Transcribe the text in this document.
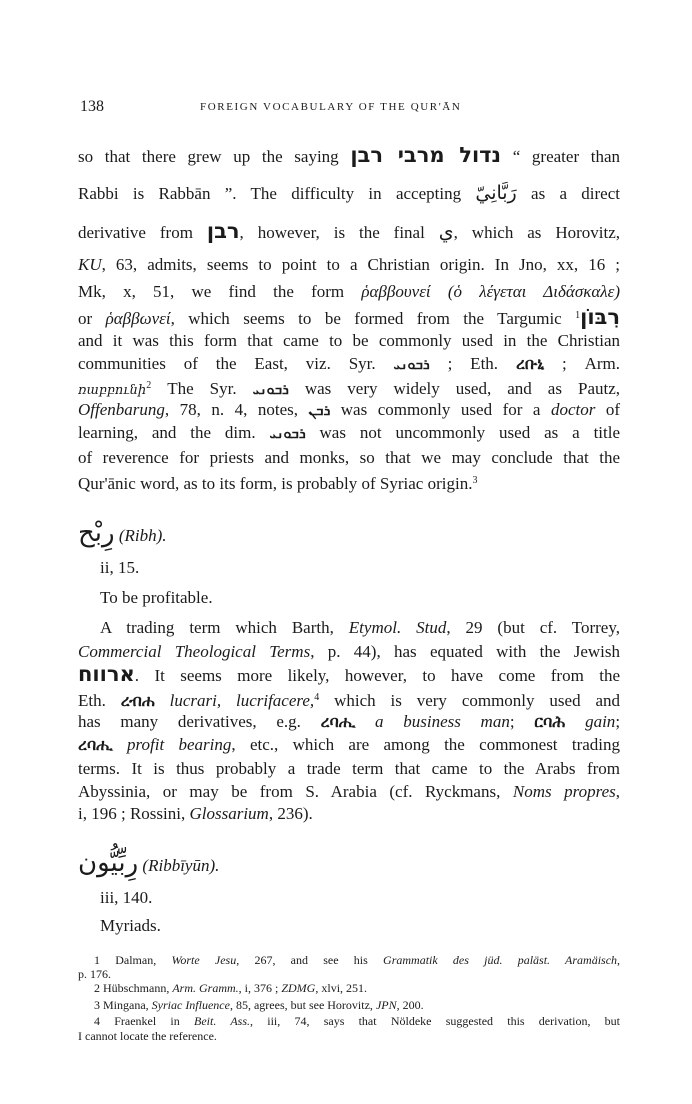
138	FOREIGN VOCABULARY OF THE QUR'ĀN
so that there grew up the saying נדול מרבי רבן “ greater than
Rabbi is Rabbān ”. The difficulty in accepting رَبَّانِيّ as a direct
derivative from רבן, however, is the final ي, which as Horovitz,
KU, 63, admits, seems to point to a Christian origin. In Jno, xx, 16 ;
Mk, x, 51, we find the form ῥαββουνεί (ὁ λέγεται Διδάσκαλε)
or ῥαββωνεί, which seems to be formed from the Targumic רִבּוֹן$^1$
and it was this form that came to be commonly used in the Christian
communities of the East, viz. Syr. ܪܒܘܢܝ ; Eth. ረቡኒ ; Arm.
ռաբբունի$^2$ The Syr. ܪܒܘܢܝ was very widely used, and as Pautz,
Offenbarung, 78, n. 4, notes, ܪܒܢ was commonly used for a doctor of
learning, and the dim. ܪܒܘܢܝ was not uncommonly used as a title
of reverence for priests and monks, so that we may conclude that the
Qur'ānic word, as to its form, is probably of Syriac origin.$^3$
رِبْح (Ribh).
ii, 15.
To be profitable.
A trading term which Barth, Etymol. Stud, 29 (but cf. Torrey,
Commercial Theological Terms, p. 44), has equated with the Jewish
ארווח. It seems more likely, however, to have come from the
Eth. ረብሐ lucrari, lucrifacere,$^4$ which is very commonly used and
has many derivatives, e.g. ረባሒ a business man; ርባሕ gain;
ረባሒ profit bearing, etc., which are among the commonest trading
terms. It is thus probably a trade term that came to the Arabs from
Abyssinia, or may be from S. Arabia (cf. Ryckmans, Noms propres,
i, 196 ; Rossini, Glossarium, 236).
رِبِّيُّون (Ribbīyūn).
iii, 140.
Myriads.
1 Dalman, Worte Jesu, 267, and see his Grammatik des jüd. paläst. Aramäisch,
p. 176.
2 Hübschmann, Arm. Gramm., i, 376 ; ZDMG, xlvi, 251.
3 Mingana, Syriac Influence, 85, agrees, but see Horovitz, JPN, 200.
4 Fraenkel in Beit. Ass., iii, 74, says that Nöldeke suggested this derivation, but
I cannot locate the reference.
